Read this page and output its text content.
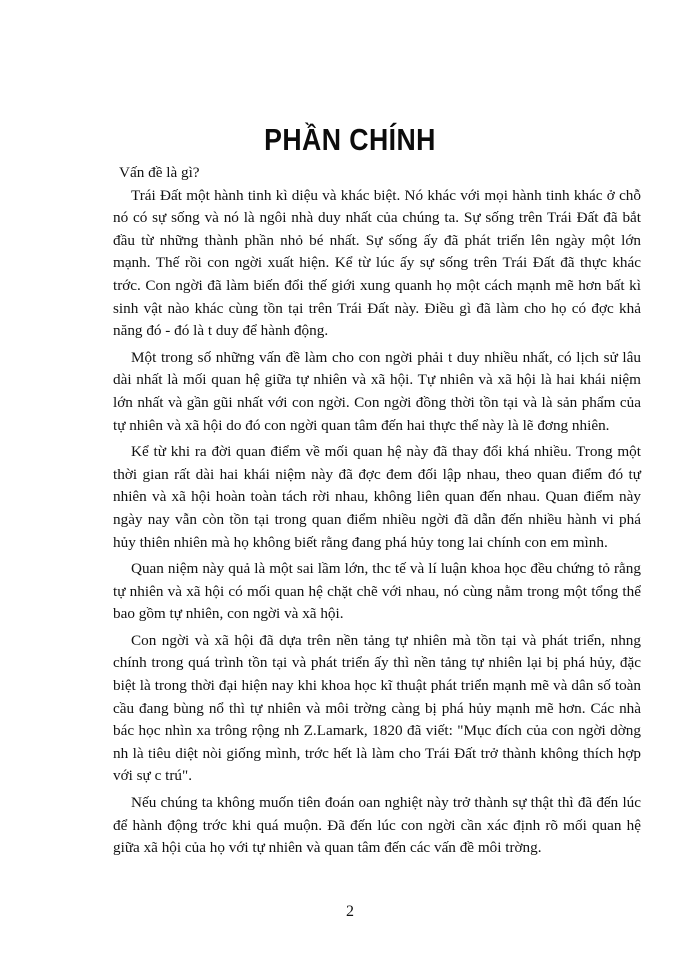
PHẦN CHÍNH

Vấn đề là gì?

Trái Đất một hành tinh kì diệu và khác biệt. Nó khác với mọi hành tinh khác ở chỗ nó có sự sống và nó là ngôi nhà duy nhất của chúng ta. Sự sống trên Trái Đất đã bắt đầu từ những thành phần nhỏ bé nhất. Sự sống ấy đã phát triển lên ngày một lớn mạnh. Thế rồi con ngời xuất hiện. Kể từ lúc ấy sự sống trên Trái Đất đã thực khác trớc. Con ngời đã làm biến đổi thế giới xung quanh họ một cách mạnh mẽ hơn bất kì sinh vật nào khác cùng tồn tại trên Trái Đất này. Điều gì đã làm cho họ có đợc khả năng đó - đó là t duy để hành động.

Một trong số những vấn đề làm cho con ngời phải t duy nhiều nhất, có lịch sử lâu dài nhất là mối quan hệ giữa tự nhiên và xã hội. Tự nhiên và xã hội là hai khái niệm lớn nhất và gần gũi nhất với con ngời. Con ngời đồng thời tồn tại và là sản phẩm của tự nhiên và xã hội do đó con ngời quan tâm đến hai thực thể này là lẽ đơng nhiên.

Kể từ khi ra đời quan điểm về mối quan hệ này đã thay đổi khá nhiều. Trong một thời gian rất dài hai khái niệm này đã đợc đem đối lập nhau, theo quan điểm đó tự nhiên và xã hội hoàn toàn tách rời nhau, không liên quan đến nhau. Quan điểm này ngày nay vẫn còn tồn tại trong quan điểm nhiều ngời đã dẫn đến nhiều hành vi phá hủy thiên nhiên mà họ không biết rằng đang phá hủy tong lai chính con em mình.

Quan niệm này quả là một sai lầm lớn, thc tế và lí luận khoa học đều chứng tỏ rằng tự nhiên và xã hội có mối quan hệ chặt chẽ với nhau, nó cùng nằm trong một tổng thể bao gồm tự nhiên, con ngời và xã hội.

Con ngời và xã hội đã dựa trên nền tảng tự nhiên mà tồn tại và phát triển, nhng chính trong quá trình tồn tại và phát triển ấy thì nền tảng tự nhiên lại bị phá hủy, đặc biệt là trong thời đại hiện nay khi khoa học kĩ thuật phát triển mạnh mẽ và dân số toàn cầu đang bùng nổ thì tự nhiên và môi trờng càng bị phá hủy mạnh mẽ hơn. Các nhà bác học nhìn xa trông rộng nh Z.Lamark, 1820 đã viết: "Mục đích của con ngời dờng nh là tiêu diệt nòi giống mình, trớc hết là làm cho Trái Đất trở thành không thích hợp với sự c trú".

Nếu chúng ta không muốn tiên đoán oan nghiệt này trở thành sự thật thì đã đến lúc để hành động trớc khi quá muộn. Đã đến lúc con ngời cần xác định rõ mối quan hệ giữa xã hội của họ với tự nhiên và quan tâm đến các vấn đề môi trờng.

2
